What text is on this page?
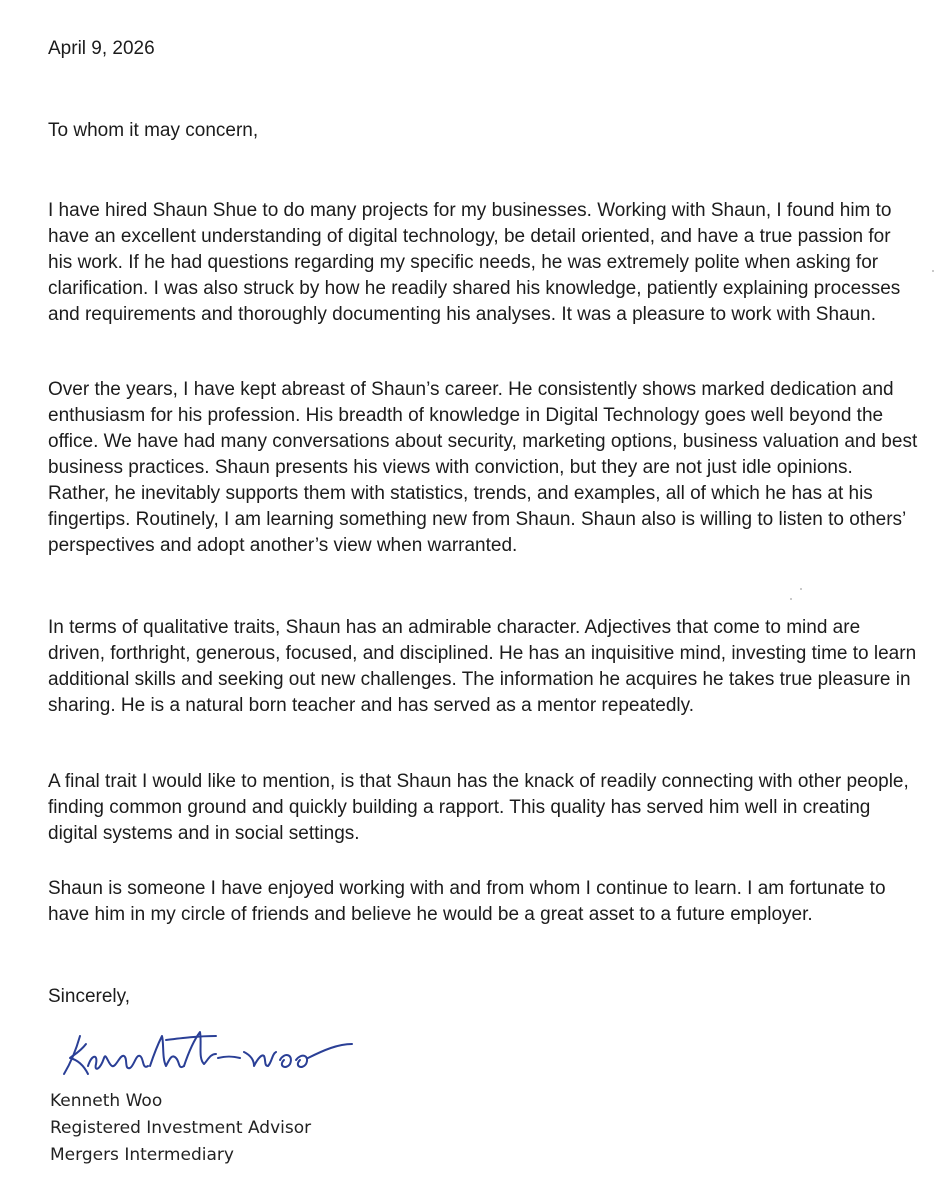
April 9, 2026
To whom it may concern,

I have hired Shaun Shue to do many projects for my businesses. Working with Shaun, I found him to have an excellent understanding of digital technology, be detail oriented, and have a true passion for his work. If he had questions regarding my specific needs, he was extremely polite when asking for clarification. I was also struck by how he readily shared his knowledge, patiently explaining processes and requirements and thoroughly documenting his analyses. It was a pleasure to work with Shaun.

Over the years, I have kept abreast of Shaun’s career. He consistently shows marked dedication and enthusiasm for his profession. His breadth of knowledge in Digital Technology goes well beyond the office. We have had many conversations about security, marketing options, business valuation and best business practices. Shaun presents his views with conviction, but they are not just idle opinions. Rather, he inevitably supports them with statistics, trends, and examples, all of which he has at his fingertips. Routinely, I am learning something new from Shaun. Shaun also is willing to listen to others’ perspectives and adopt another’s view when warranted.

In terms of qualitative traits, Shaun has an admirable character. Adjectives that come to mind are driven, forthright, generous, focused, and disciplined. He has an inquisitive mind, investing time to learn additional skills and seeking out new challenges. The information he acquires he takes true pleasure in sharing. He is a natural born teacher and has served as a mentor repeatedly.

A final trait I would like to mention, is that Shaun has the knack of readily connecting with other people, finding common ground and quickly building a rapport. This quality has served him well in creating digital systems and in social settings.

Shaun is someone I have enjoyed working with and from whom I continue to learn. I am fortunate to have him in my circle of friends and believe he would be a great asset to a future employer.

Sincerely,
Kenneth Woo
Registered Investment Advisor
Mergers Intermediary
